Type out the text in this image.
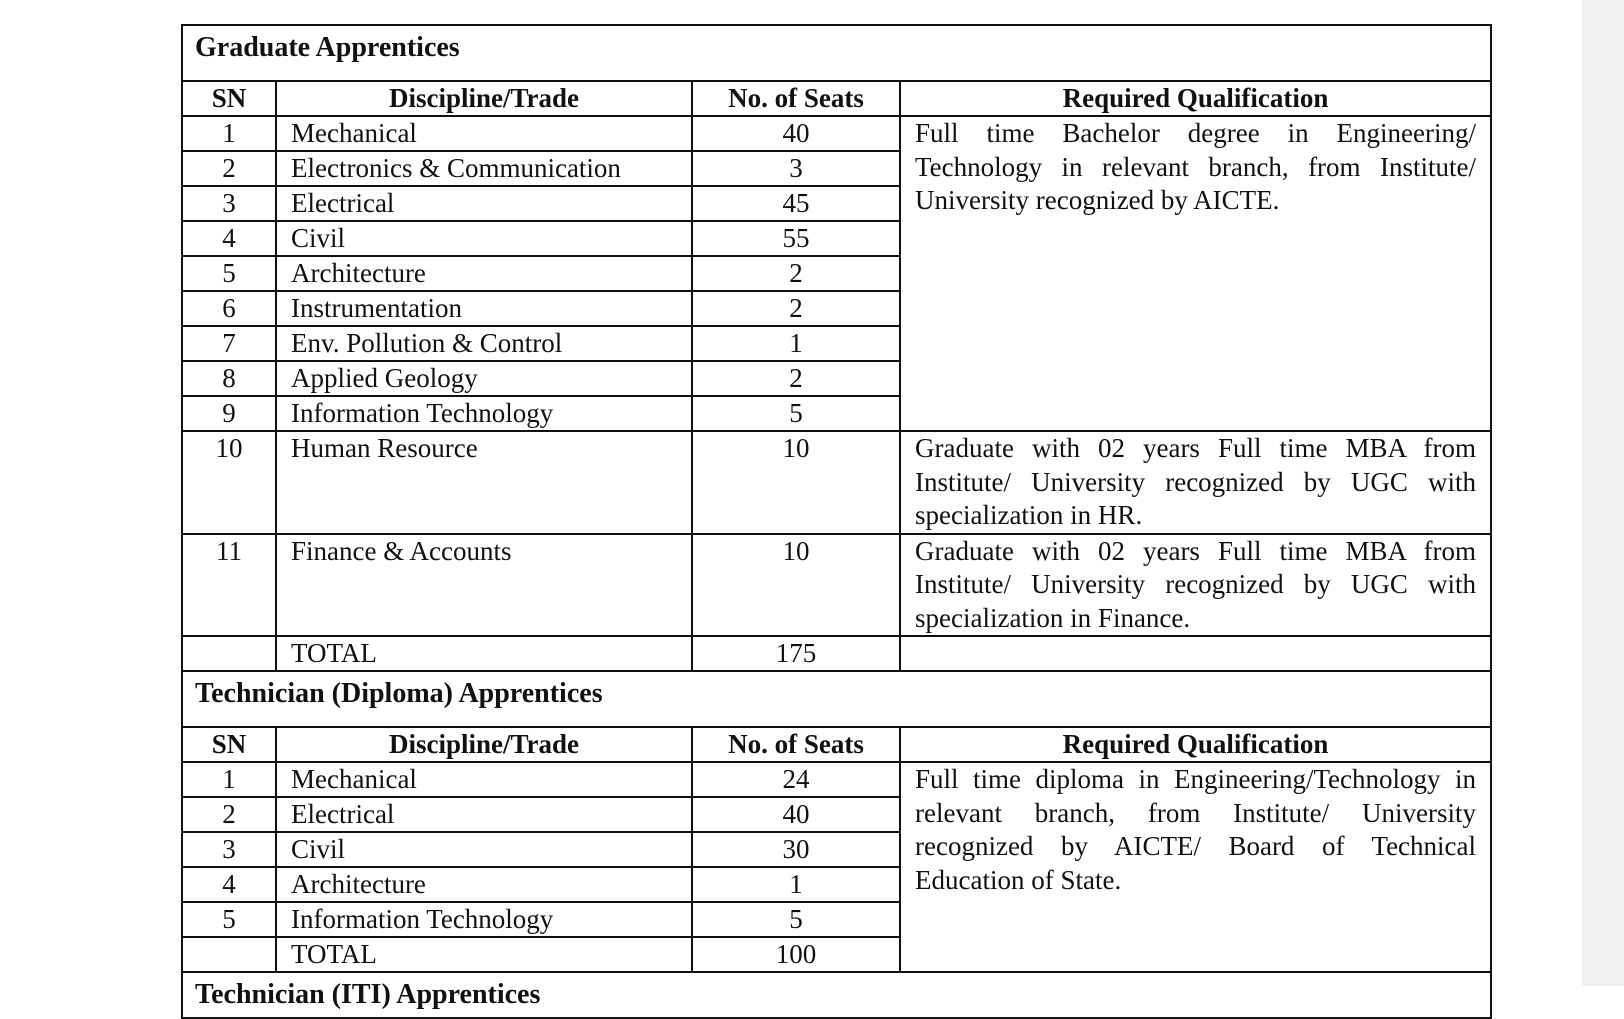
Graduate Apprentices			
SN	Discipline/Trade	No. of Seats	Required Qualification
1	Mechanical	40	Full time Bachelor degree in Engineering/ Technology in relevant branch, from Institute/ University recognized by AICTE.
2	Electronics & Communication	3	
3	Electrical	45	
4	Civil	55	
5	Architecture	2	
6	Instrumentation	2	
7	Env. Pollution & Control	1	
8	Applied Geology	2	
9	Information Technology	5	
10	Human Resource	10	Graduate with 02 years Full time MBA from Institute/ University recognized by UGC with specialization in HR.
11	Finance & Accounts	10	Graduate with 02 years Full time MBA from Institute/ University recognized by UGC with specialization in Finance.
	TOTAL	175	
Technician (Diploma) Apprentices			
SN	Discipline/Trade	No. of Seats	Required Qualification
1	Mechanical	24	Full time diploma in Engineering/Technology in relevant branch, from Institute/ University recognized by AICTE/ Board of Technical Education of State.
2	Electrical	40	
3	Civil	30	
4	Architecture	1	
5	Information Technology	5	
	TOTAL	100	
Technician (ITI) Apprentices			
